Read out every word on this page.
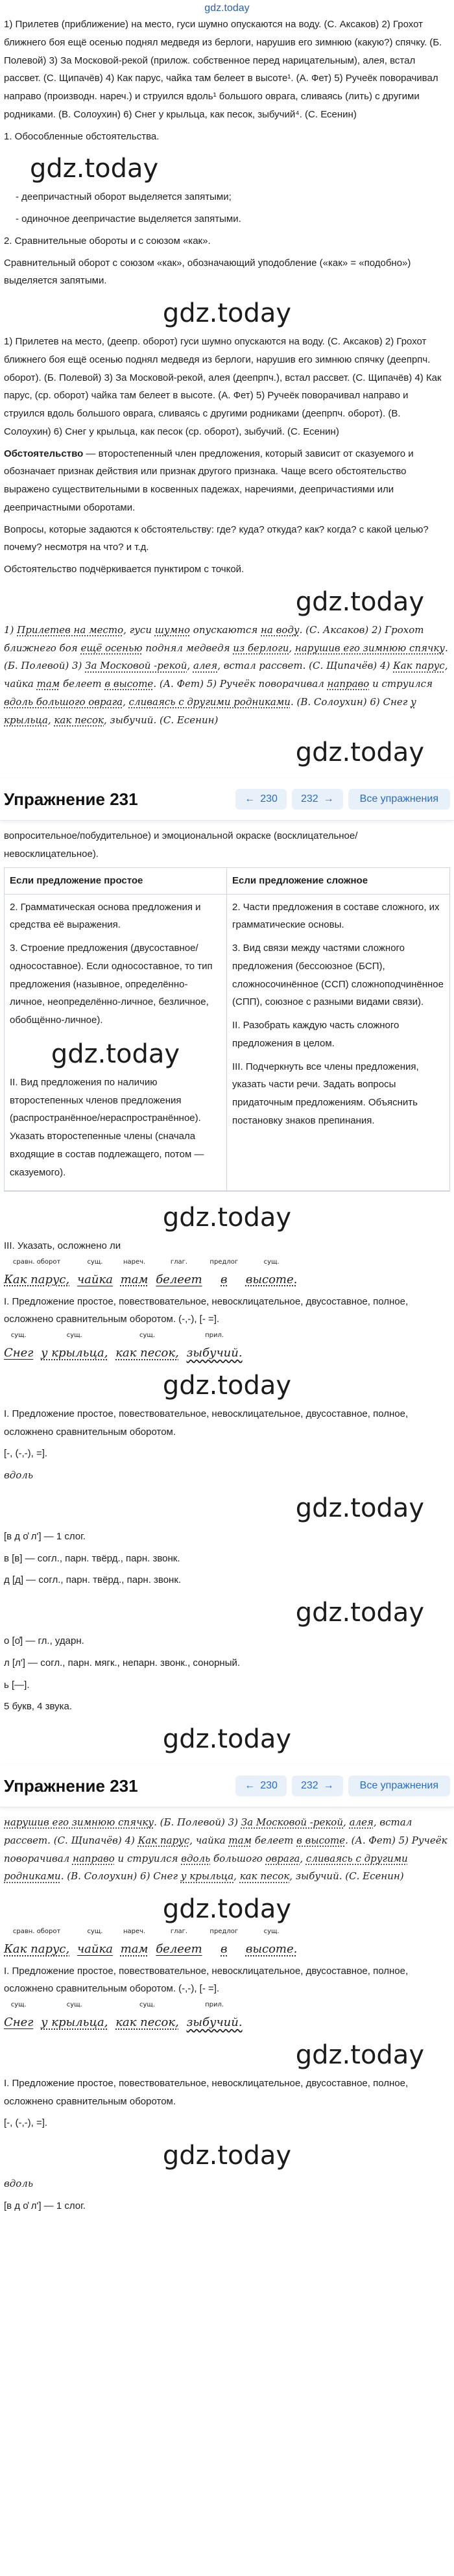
gdz.today

1) Прилетев (приближение) на место, гуси шумно опускаются на воду. (С. Аксаков) 2) Грохот ближнего боя ещё осенью поднял медведя из берлоги, нарушив его зимнюю (какую?) спячку. (Б. Полевой) 3) За Московой-рекой (прилож. собственное перед нарицательным), алея, встал рассвет. (С. Щипачёв) 4) Как парус, чайка там белеет в высоте¹. (А. Фет) 5) Ручеёк поворачивал направо (производн. нареч.) и струился вдоль¹ большого оврага, сливаясь (лить) с другими родниками. (В. Солоухин) 6) Снег у крыльца, как песок, зыбучий⁴. (С. Есенин)

1. Обособленные обстоятельства.

gdz.today

- деепричастный оборот выделяется запятыми;

- одиночное деепричастие выделяется запятыми.

2. Сравнительные обороты и с союзом «как».

Сравнительный оборот с союзом «как», обозначающий уподобление («как» = «подобно») выделяется запятыми.

gdz.today

1) Прилетев на место, (деепр. оборот) гуси шумно опускаются на воду. (С. Аксаков) 2) Грохот ближнего боя ещё осенью поднял медведя из берлоги, нарушив его зимнюю спячку (деепрпч. оборот). (Б. Полевой) 3) За Московой-рекой, алея (деепрпч.), встал рассвет. (С. Щипачёв) 4) Как парус, (ср. оборот) чайка там белеет в высоте. (А. Фет) 5) Ручеёк поворачивал направо и струился вдоль большого оврага, сливаясь с другими родниками (деепрпч. оборот). (В. Солоухин) 6) Снег у крыльца, как песок (ср. оборот), зыбучий. (С. Есенин)

Обстоятельство — второстепенный член предложения, который зависит от сказуемого и обозначает признак действия или признак другого признака. Чаще всего обстоятельство выражено существительными в косвенных падежах, наречиями, деепричастиями или деепричастными оборотами.

Вопросы, которые задаются к обстоятельству: где? куда? откуда? как? когда? с какой целью? почему? несмотря на что? и т.д.

Обстоятельство подчёркивается пунктиром с точкой.

gdz.today

1) Прилетев на место, гуси шумно опускаются на воду. (С. Аксаков) 2) Грохот ближнего боя ещё осенью поднял медведя из берлоги, нарушив его зимнюю спячку. (Б. Полевой) 3) За Московой -рекой, алея, встал рассвет. (С. Щипачёв) 4) Как парус, чайка там белеет в высоте. (А. Фет) 5) Ручеёк поворачивал направо и струился вдоль большого оврага, сливаясь с другими родниками. (В. Солоухин) 6) Снег у крыльца, как песок, зыбучий. (С. Есенин)

gdz.today
Упражнение 231	← 230 232 →	Все упражнения

вопросительное/побудительное) и эмоциональной окраске (восклицательное/невосклицательное).

Если предложение простое	Если предложение сложное

2. Грамматическая основа предложения и средства её выражения.

3. Строение предложения (двусоставное/односоставное). Если односоставное, то тип предложения (назывное, определённо-личное, неопределённо-личное, безличное, обобщённо-личное).

gdz.today

II. Вид предложения по наличию второстепенных членов предложения (распространённое/нераспространённое). Указать второстепенные члены (сначала входящие в состав подлежащего, потом — сказуемого).

2. Части предложения в составе сложного, их грамматические основы.

3. Вид связи между частями сложного предложения (бессоюзное (БСП), сложносочинённое (ССП) сложноподчинённое (СПП), союзное с разными видами связи).

II. Разобрать каждую часть сложного предложения в целом.

III. Подчеркнуть все члены предложения, указать части речи. Задать вопросы придаточным предложениям. Объяснить постановку знаков препинания.

gdz.today

III. Указать, осложнено ли

сравн. оборот
Как парус,
сущ.
чайка
нареч.
там
глаг.
белеет
предлог
в
сущ.
высоте.

I. Предложение простое, повествовательное, невосклицательное, двусоставное, полное, осложнено сравнительным оборотом. (-,-), [- =].

сущ.
Снег
сущ.
у крыльца,
сущ.
как песок,
прил.
зыбучий.
gdz.today

I. Предложение простое, повествовательное, невосклицательное, двусоставное, полное, осложнено сравнительным оборотом.

[-, (-,-), =].

вдоль

gdz.today

[в д о̓ л'] — 1 слог.

в [в] — согл., парн. твёрд., парн. звонк.

д [д] — согл., парн. твёрд., парн. звонк.

gdz.today

о [о̓] — гл., ударн.

л [л'] — согл., парн. мягк., непарн. звонк., сонорный.

ь [—].

5 букв, 4 звука.

gdz.today
Упражнение 231	← 230 232 →	Все упражнения

нарушив его зимнюю спячку. (Б. Полевой) 3) За Московой -рекой, алея, встал рассвет. (С. Щипачёв) 4) Как парус, чайка там белеет в высоте. (А. Фет) 5) Ручеёк поворачивал направо и струился вдоль большого оврага, сливаясь с другими родниками. (В. Солоухин) 6) Снег у крыльца, как песок, зыбучий. (С. Есенин)

gdz.today
сравн. оборот
Как парус,
сущ.
чайка
нареч.
там
глаг.
белеет
предлог
в
сущ.
высоте.

I. Предложение простое, повествовательное, невосклицательное, двусоставное, полное, осложнено сравнительным оборотом. (-,-), [- =].

сущ.
Снег
сущ.
у крыльца,
сущ.
как песок,
прил.
зыбучий.
gdz.today

I. Предложение простое, повествовательное, невосклицательное, двусоставное, полное, осложнено сравнительным оборотом.

[-, (-,-), =].

gdz.today

вдоль

[в д о̓ л'] — 1 слог.
